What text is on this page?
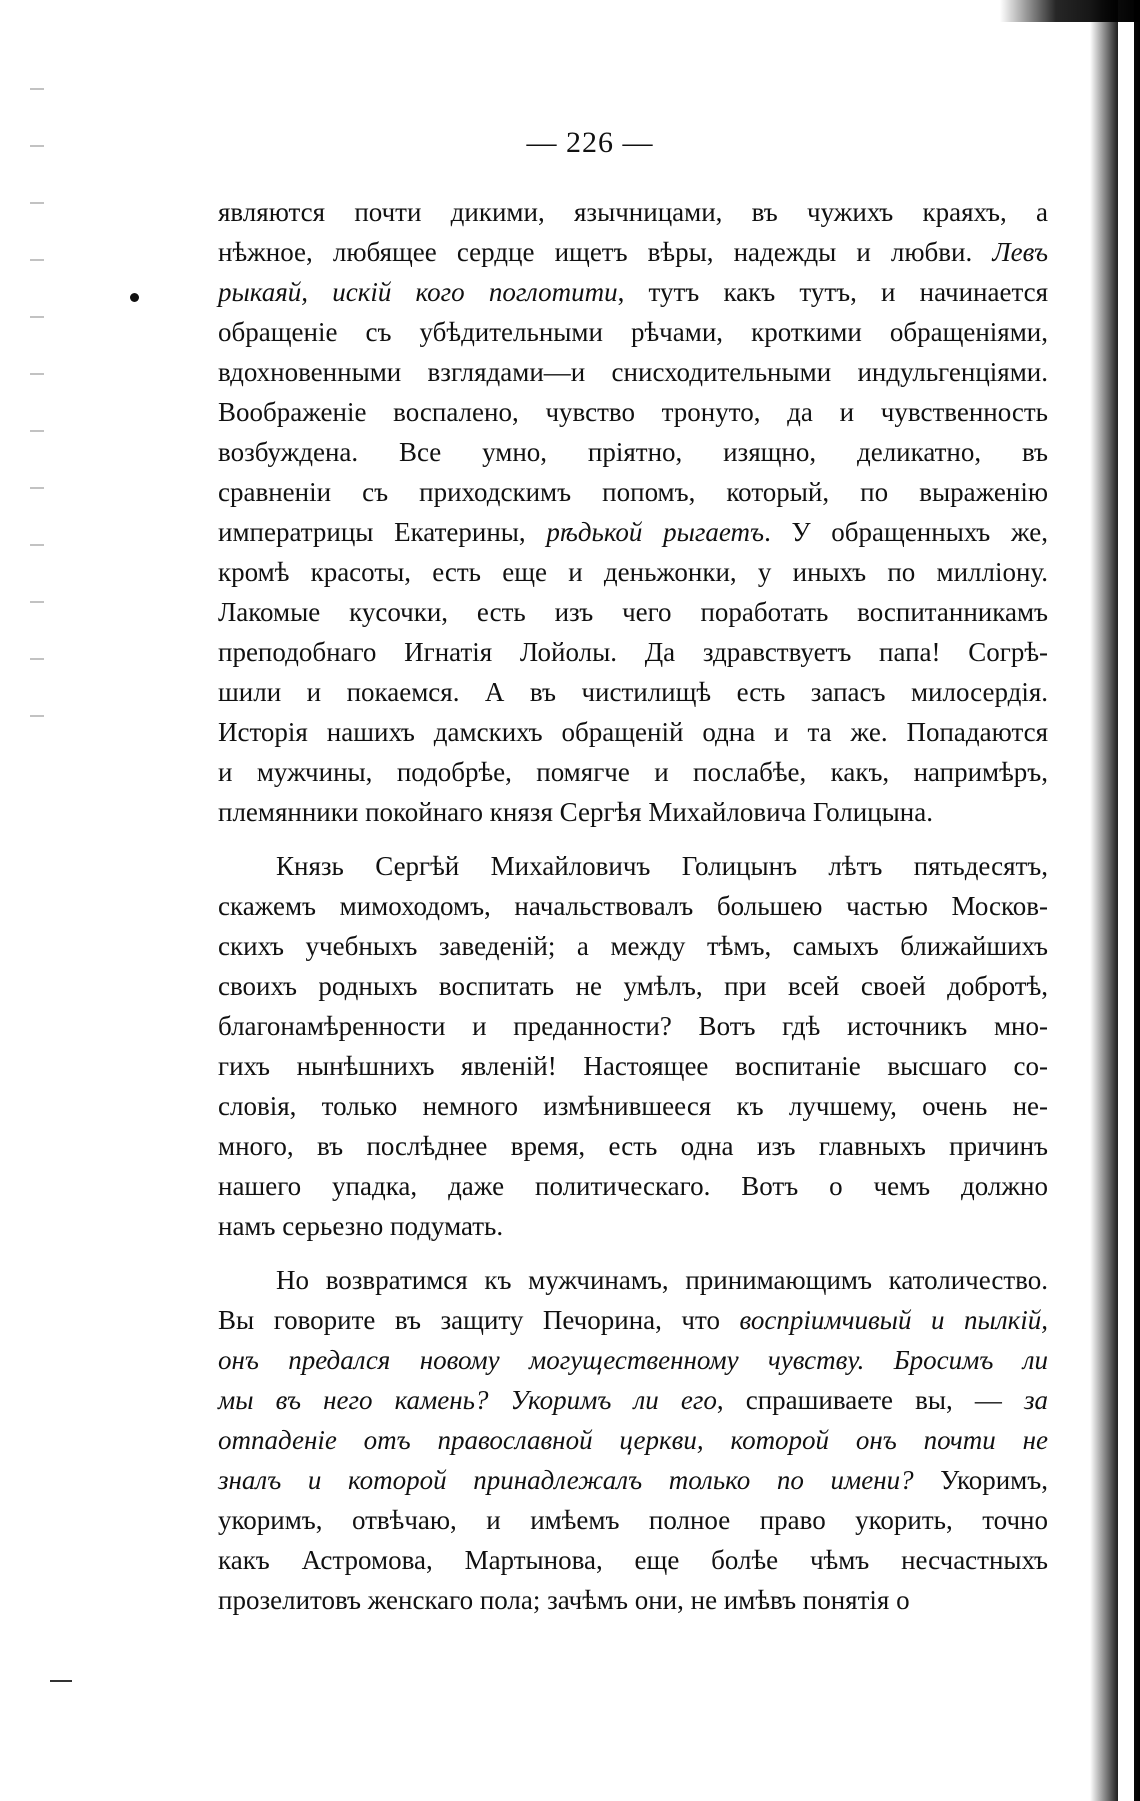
— 226 —
являются почти дикими, язычницами, въ чужихъ краяхъ, а
нѣжное, любящее сердце ищетъ вѣры, надежды и любви. Левъ
рыкаяй, искій кого поглотити, тутъ какъ тутъ, и начинается
обращеніе съ убѣдительными рѣчами, кроткими обращеніями,
вдохновенными взглядами—и снисходительными индульгенціями.
Воображеніе воспалено, чувство тронуто, да и чувственность
возбуждена. Все умно, пріятно, изящно, деликатно, въ
сравненіи съ приходскимъ попомъ, который, по выраженію
императрицы Екатерины, рѣдькой рыгаетъ. У обращенныхъ же,
кромѣ красоты, есть еще и деньжонки, у иныхъ по милліону.
Лакомые кусочки, есть изъ чего поработать воспитанникамъ
преподобнаго Игнатія Лойолы. Да здравствуетъ папа! Согрѣ-
шили и покаемся. А въ чистилищѣ есть запасъ милосердія.
Исторія нашихъ дамскихъ обращеній одна и та же. Попадаются
и мужчины, подобрѣе, помягче и послабѣе, какъ, напримѣръ,
племянники покойнаго князя Сергѣя Михайловича Голицына.
Князь Сергѣй Михайловичъ Голицынъ лѣтъ пятьдесятъ,
скажемъ мимоходомъ, начальствовалъ большею частью Москов-
скихъ учебныхъ заведеній; а между тѣмъ, самыхъ ближайшихъ
своихъ родныхъ воспитать не умѣлъ, при всей своей добротѣ,
благонамѣренности и преданности? Вотъ гдѣ источникъ мно-
гихъ нынѣшнихъ явленій! Настоящее воспитаніе высшаго со-
словія, только немного измѣнившееся къ лучшему, очень не-
много, въ послѣднее время, есть одна изъ главныхъ причинъ
нашего упадка, даже политическаго. Вотъ о чемъ должно
намъ серьезно подумать.
Но возвратимся къ мужчинамъ, принимающимъ католичество.
Вы говорите въ защиту Печорина, что воспріимчивый и пылкій,
онъ предался новому могущественному чувству. Бросимъ ли
мы въ него камень? Укоримъ ли его, спрашиваете вы, — за
отпаденіе отъ православной церкви, которой онъ почти не
зналъ и которой принадлежалъ только по имени? Укоримъ,
укоримъ, отвѣчаю, и имѣемъ полное право укорить, точно
какъ Астромова, Мартынова, еще болѣе чѣмъ несчастныхъ
прозелитовъ женскаго пола; зачѣмъ они, не имѣвъ понятія о
